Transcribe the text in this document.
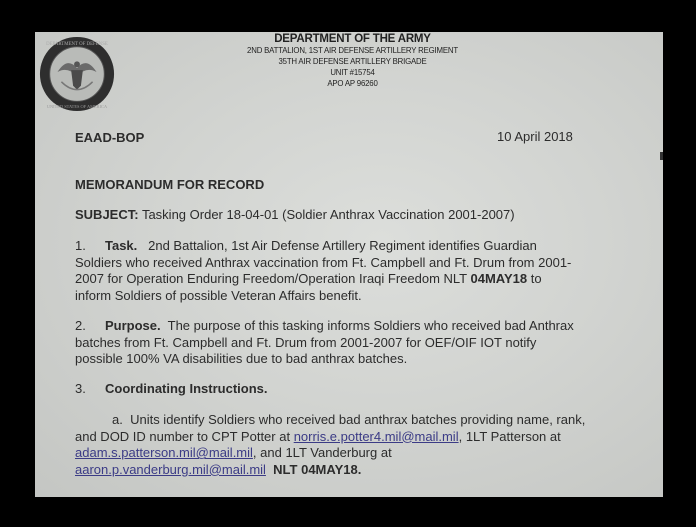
DEPARTMENT OF DEFENSE
UNITED STATES OF AMERICA
DEPARTMENT OF THE ARMY
2ND BATTALION, 1ST AIR DEFENSE ARTILLERY REGIMENT
35TH AIR DEFENSE ARTILLERY BRIGADE
UNIT #15754
APO AP 96260
EAAD-BOP	10 April 2018
MEMORANDUM FOR RECORD
SUBJECT: Tasking Order 18-04-01 (Soldier Anthrax Vaccination 2001-2007)
1. Task. 2nd Battalion, 1st Air Defense Artillery Regiment identifies Guardian
Soldiers who received Anthrax vaccination from Ft. Campbell and Ft. Drum from 2001-
2007 for Operation Enduring Freedom/Operation Iraqi Freedom NLT 04MAY18 to
inform Soldiers of possible Veteran Affairs benefit.
2. Purpose. The purpose of this tasking informs Soldiers who received bad Anthrax
batches from Ft. Campbell and Ft. Drum from 2001-2007 for OEF/OIF IOT notify
possible 100% VA disabilities due to bad anthrax batches.
3. Coordinating Instructions.
a. Units identify Soldiers who received bad anthrax batches providing name, rank,
and DOD ID number to CPT Potter at norris.e.potter4.mil@mail.mil, 1LT Patterson at
adam.s.patterson.mil@mail.mil, and 1LT Vanderburg at
aaron.p.vanderburg.mil@mail.mil NLT 04MAY18.
